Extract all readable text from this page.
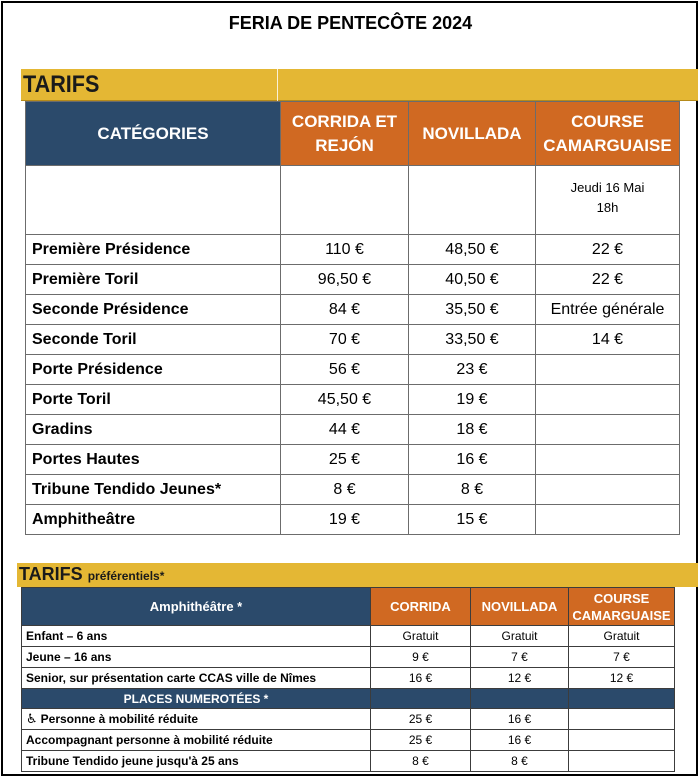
FERIA DE PENTECÔTE 2024
TARIFS
CATÉGORIES	CORRIDA ET REJÓN	NOVILLADA	COURSE CAMARGUAISE

			Jeudi 16 Mai
18h

Première Présidence	110 €	48,50 €	22 €
Première Toril	96,50 €	40,50 €	22 €
Seconde Présidence	84 €	35,50 €	Entrée générale
Seconde Toril	70 €	33,50 €	14 €
Porte Présidence	56 €	23 €	
Porte Toril	45,50 €	19 €	
Gradins	44 €	18 €	
Portes Hautes	25 €	16 €	
Tribune Tendido Jeunes*	8 €	8 €	
Amphitheâtre	19 €	15 €	
TARIFS préférentiels*
Amphithéâtre *	CORRIDA	NOVILLADA	COURSE CAMARGUAISE
Enfant – 6 ans	Gratuit	Gratuit	Gratuit
Jeune – 16 ans	9 €	7 €	7 €
Senior, sur présentation carte CCAS ville de Nîmes	16 €	12 €	12 €
PLACES NUMEROTÉES *			
♿ Personne à mobilité réduite	25 €	16 €	
Accompagnant personne à mobilité réduite	25 €	16 €	
Tribune Tendido jeune jusqu'à 25 ans	8 €	8 €	
